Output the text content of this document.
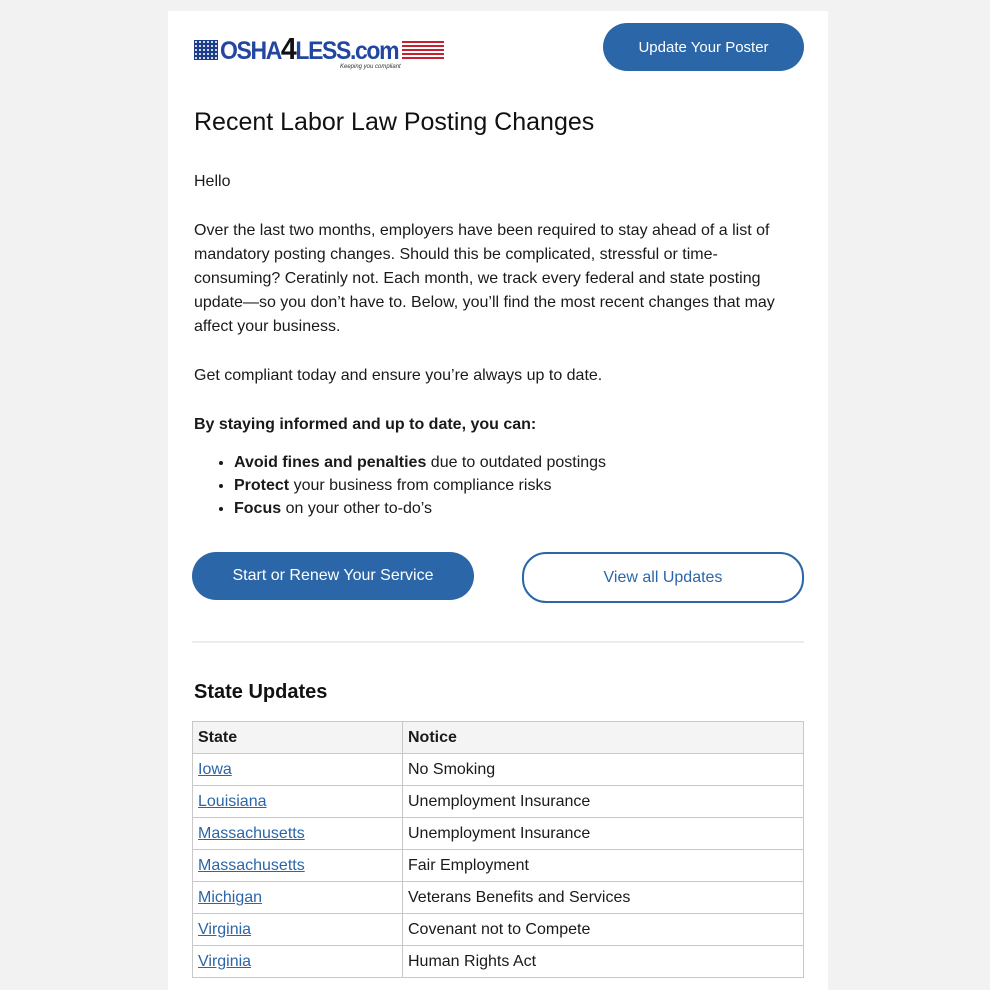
OSHA4LESS.com
Keeping you compliant
Update Your Poster
Recent Labor Law Posting Changes

Hello

Over the last two months, employers have been required to stay ahead of a list of mandatory posting changes. Should this be complicated, stressful or time-consuming? Ceratinly not. Each month, we track every federal and state posting update—so you don’t have to. Below, you’ll find the most recent changes that may affect your business.

Get compliant today and ensure you’re always up to date.

By staying informed and up to date, you can:

• Avoid fines and penalties due to outdated postings
• Protect your business from compliance risks
• Focus on your other to-do’s
Start or Renew Your Service	View all Updates
State Updates
State	Notice
Iowa	No Smoking
Louisiana	Unemployment Insurance
Massachusetts	Unemployment Insurance
Massachusetts	Fair Employment
Michigan	Veterans Benefits and Services
Virginia	Covenant not to Compete
Virginia	Human Rights Act
